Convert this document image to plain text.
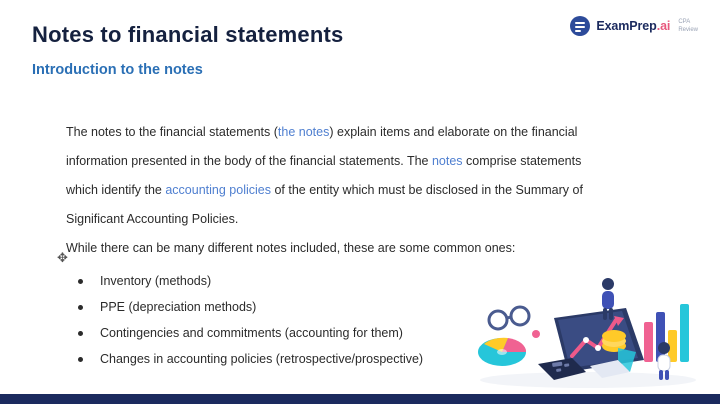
Notes to financial statements
Introduction to the notes
ExamPrep.ai CPA
Review
The notes to the financial statements (the notes) explain items and elaborate on the financial information presented in the body of the financial statements. The notes comprise statements which identify the accounting policies of the entity which must be disclosed in the Summary of Significant Accounting Policies.
While there can be many different notes included, these are some common ones:
✥
Inventory (methods)
PPE (depreciation methods)
Contingencies and commitments (accounting for them)
Changes in accounting policies (retrospective/prospective)
